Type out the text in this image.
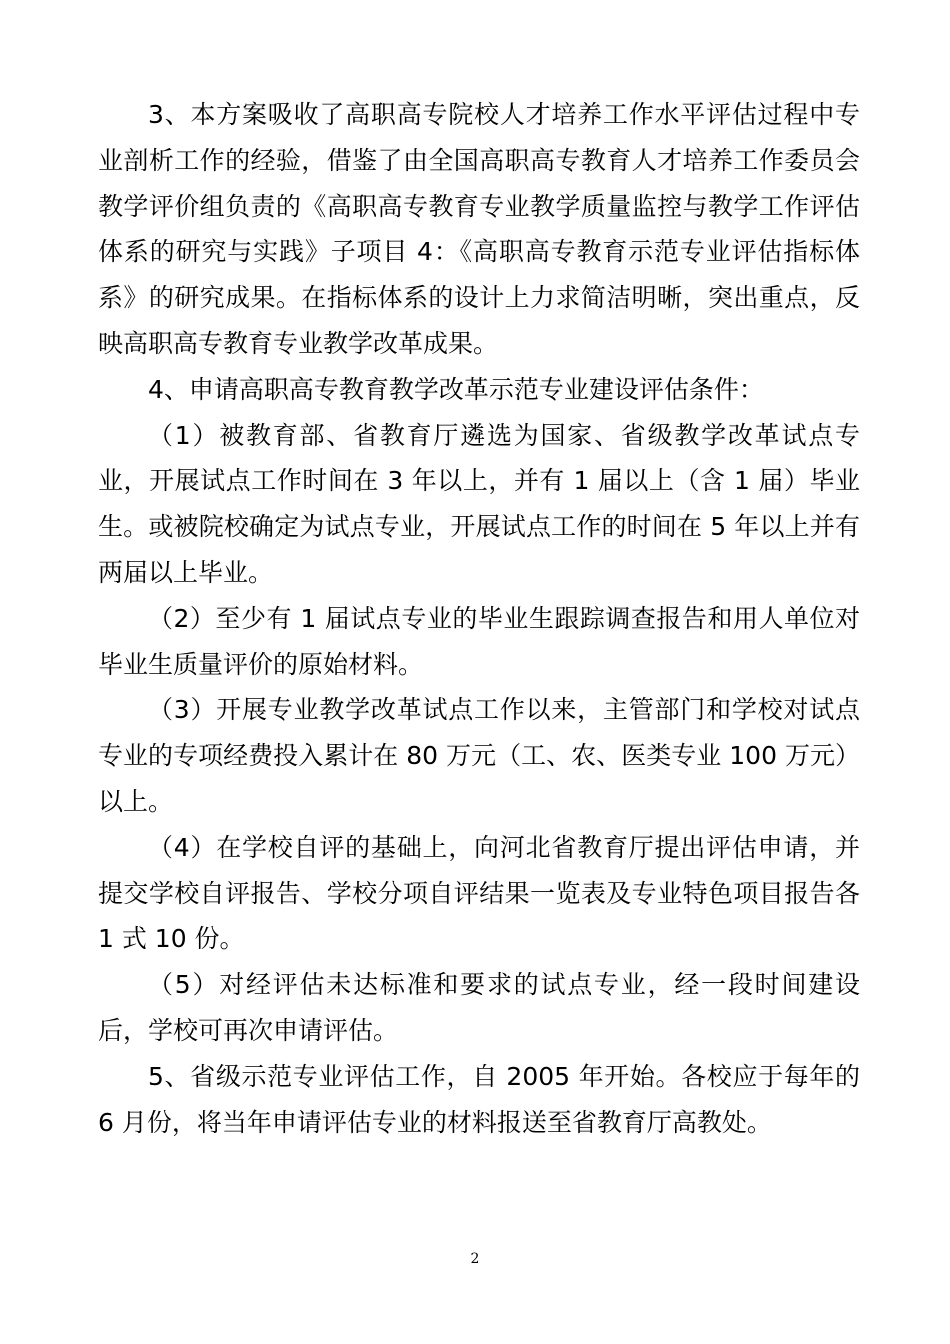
3、本方案吸收了高职高专院校人才培养工作水平评估过程中专业剖析工作的经验，借鉴了由全国高职高专教育人才培养工作委员会教学评价组负责的《高职高专教育专业教学质量监控与教学工作评估体系的研究与实践》子项目 4：《高职高专教育示范专业评估指标体系》的研究成果。在指标体系的设计上力求简洁明晰，突出重点，反映高职高专教育专业教学改革成果。

4、申请高职高专教育教学改革示范专业建设评估条件：

（1）被教育部、省教育厅遴选为国家、省级教学改革试点专业，开展试点工作时间在 3 年以上，并有 1 届以上（含 1 届）毕业生。或被院校确定为试点专业，开展试点工作的时间在 5 年以上并有两届以上毕业。

（2）至少有 1 届试点专业的毕业生跟踪调查报告和用人单位对毕业生质量评价的原始材料。

（3）开展专业教学改革试点工作以来，主管部门和学校对试点专业的专项经费投入累计在 80 万元（工、农、医类专业 100 万元）以上。

（4）在学校自评的基础上，向河北省教育厅提出评估申请，并提交学校自评报告、学校分项自评结果一览表及专业特色项目报告各 1 式 10 份。

（5）对经评估未达标准和要求的试点专业，经一段时间建设后，学校可再次申请评估。

5、省级示范专业评估工作，自 2005 年开始。各校应于每年的 6 月份，将当年申请评估专业的材料报送至省教育厅高教处。

2
